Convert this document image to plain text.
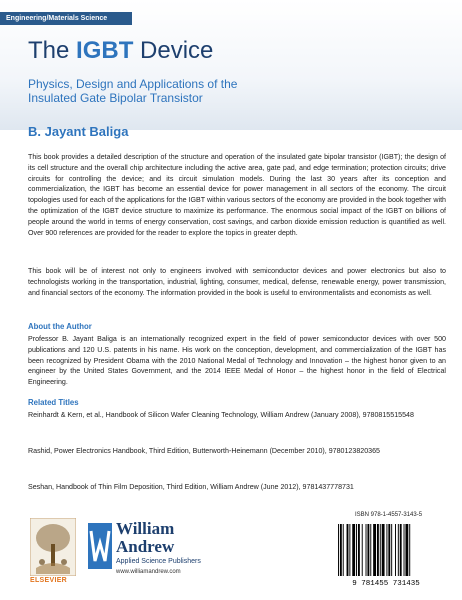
Engineering/Materials Science
The IGBT Device
Physics, Design and Applications of the
Insulated Gate Bipolar Transistor
B. Jayant Baliga
This book provides a detailed description of the structure and operation of the insulated gate bipolar transistor (IGBT); the design of its cell structure and the overall chip architecture including the active area, gate pad, and edge termination; protection circuits; drive circuits for controlling the device; and its circuit simulation models. During the last 30 years after its conception and commercialization, the IGBT has become an essential device for power management in all sectors of the economy. The circuit topologies used for each of the applications for the IGBT within various sectors of the economy are provided in the book together with the optimization of the IGBT device structure to maximize its performance. The enormous social impact of the IGBT on billions of people around the world in terms of energy conservation, cost savings, and carbon dioxide emission reduction is quantified as well. Over 900 references are provided for the reader to explore the topics in greater depth.
This book will be of interest not only to engineers involved with semiconductor devices and power electronics but also to technologists working in the transportation, industrial, lighting, consumer, medical, defense, renewable energy, power transmission, and financial sectors of the economy. The information provided in the book is useful to environmentalists and economists as well.
About the Author
Professor B. Jayant Baliga is an internationally recognized expert in the field of power semiconductor devices with over 500 publications and 120 U.S. patents in his name. His work on the conception, development, and commercialization of the IGBT has been recognized by President Obama with the 2010 National Medal of Technology and Innovation – the highest honor given to an engineer by the United States Government, and the 2014 IEEE Medal of Honor – the highest honor in the field of Electrical Engineering.
Related Titles
Reinhardt & Kern, et al., Handbook of Silicon Wafer Cleaning Technology, William Andrew (January 2008), 9780815515548
Rashid, Power Electronics Handbook, Third Edition, Butterworth-Heinemann (December 2010), 9780123820365
Seshan, Handbook of Thin Film Deposition, Third Edition, William Andrew (June 2012), 9781437778731
ELSEVIER
William
Andrew
Applied Science Publishers
www.williamandrew.com
ISBN 978-1-4557-3143-5
9 781455 731435
